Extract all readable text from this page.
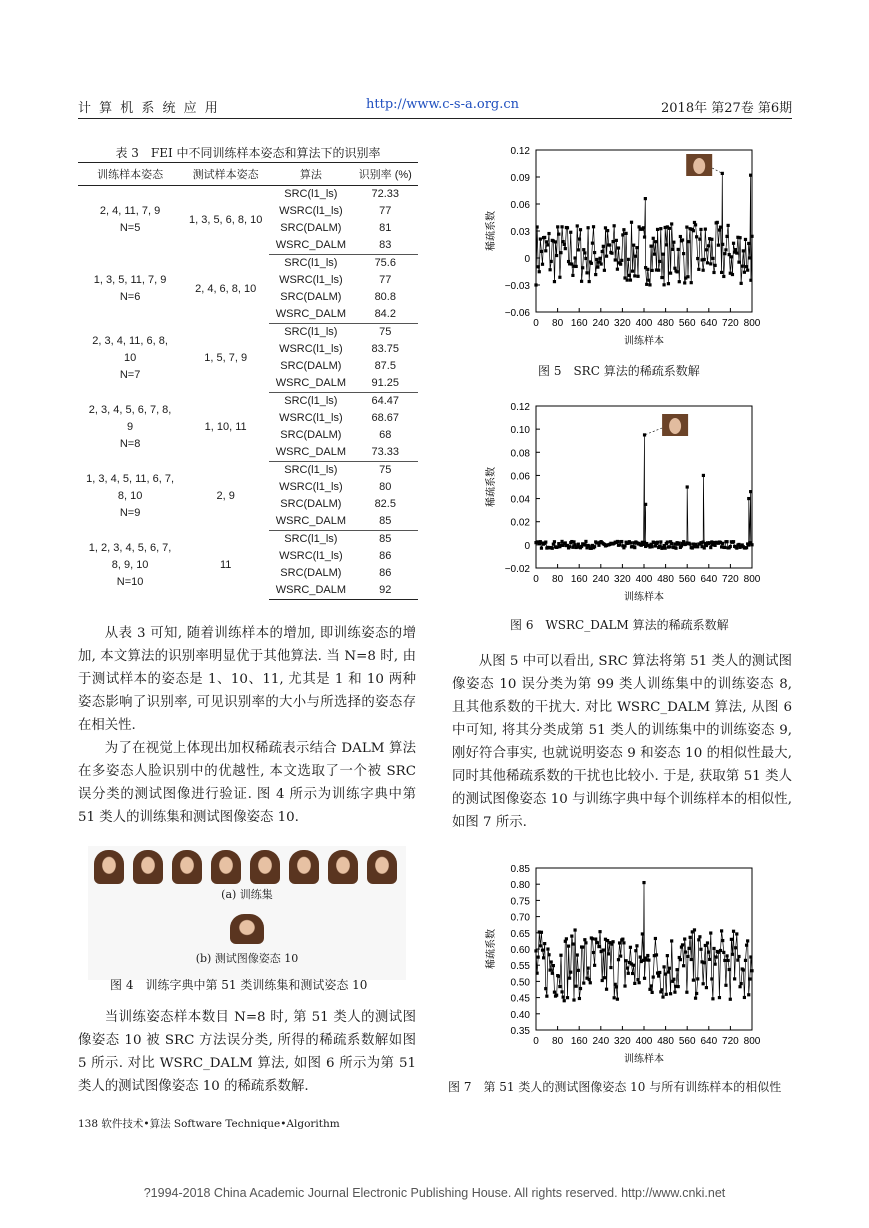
计 算 机 系 统 应 用	http://www.c-s-a.org.cn	2018年 第27卷 第6期
表 3　FEI 中不同训练样本姿态和算法下的识别率
训练样本姿态	测试样本姿态	算法	识别率 (%)

2, 4, 11, 7, 9
N=5	1, 3, 5, 6, 8, 10	SRC(l1_ls)	72.33
		WSRC(l1_ls)	77
		SRC(DALM)	81
		WSRC_DALM	83

1, 3, 5, 11, 7, 9
N=6	2, 4, 6, 8, 10	SRC(l1_ls)	75.6
		WSRC(l1_ls)	77
		SRC(DALM)	80.8
		WSRC_DALM	84.2

2, 3, 4, 11, 6, 8,
10
N=7	1, 5, 7, 9	SRC(l1_ls)	75
		WSRC(l1_ls)	83.75
		SRC(DALM)	87.5
		WSRC_DALM	91.25

2, 3, 4, 5, 6, 7, 8,
9
N=8	1, 10, 11	SRC(l1_ls)	64.47
		WSRC(l1_ls)	68.67
		SRC(DALM)	68
		WSRC_DALM	73.33

1, 3, 4, 5, 11, 6, 7,
8, 10
N=9	2, 9	SRC(l1_ls)	75
		WSRC(l1_ls)	80
		SRC(DALM)	82.5
		WSRC_DALM	85

1, 2, 3, 4, 5, 6, 7,
8, 9, 10
N=10	11	SRC(l1_ls)	85
		WSRC(l1_ls)	86
		SRC(DALM)	86
		WSRC_DALM	92

从表 3 可知, 随着训练样本的增加, 即训练姿态的增加, 本文算法的识别率明显优于其他算法. 当 N=8 时, 由于测试样本的姿态是 1、10、11, 尤其是 1 和 10 两种姿态影响了识别率, 可见识别率的大小与所选择的姿态存在相关性.

为了在视觉上体现出加权稀疏表示结合 DALM 算法在多姿态人脸识别中的优越性, 本文选取了一个被 SRC 误分类的测试图像进行验证. 图 4 所示为训练字典中第 51 类人的训练集和测试图像姿态 10.

(a) 训练集
(b) 测试图像姿态 10
图 4　训练字典中第 51 类训练集和测试姿态 10

当训练姿态样本数目 N=8 时, 第 51 类人的测试图像姿态 10 被 SRC 方法误分类, 所得的稀疏系数解如图 5 所示. 对比 WSRC_DALM 算法, 如图 6 所示为第 51 类人的测试图像姿态 10 的稀疏系数解.

−0.06
−0.03
0
0.03
0.06
0.09
0.12
0 80 160 240 320 400 480 560 640 720 800
训练样本
稀疏系数
图 5　SRC 算法的稀疏系数解
−0.02
0
0.02
0.04
0.06
0.08
0.10
0.12
0 80 160 240 320 400 480 560 640 720 800
训练样本
稀疏系数
图 6　WSRC_DALM 算法的稀疏系数解

从图 5 中可以看出, SRC 算法将第 51 类人的测试图像姿态 10 误分类为第 99 类人训练集中的训练姿态 8, 且其他系数的干扰大. 对比 WSRC_DALM 算法, 从图 6 中可知, 将其分类成第 51 类人的训练集中的训练姿态 9, 刚好符合事实, 也就说明姿态 9 和姿态 10 的相似性最大,同时其他稀疏系数的干扰也比较小. 于是, 获取第 51 类人的测试图像姿态 10 与训练字典中每个训练样本的相似性, 如图 7 所示.

0.35
0.40
0.45
0.50
0.55
0.60
0.65
0.70
0.75
0.80
0.85
0 80 160 240 320 400 480 560 640 720 800
训练样本
稀疏系数
图 7　第 51 类人的测试图像姿态 10 与所有训练样本的相似性
138 软件技术•算法 Software Technique•Algorithm
?1994-2018 China Academic Journal Electronic Publishing House. All rights reserved. http://www.cnki.net
